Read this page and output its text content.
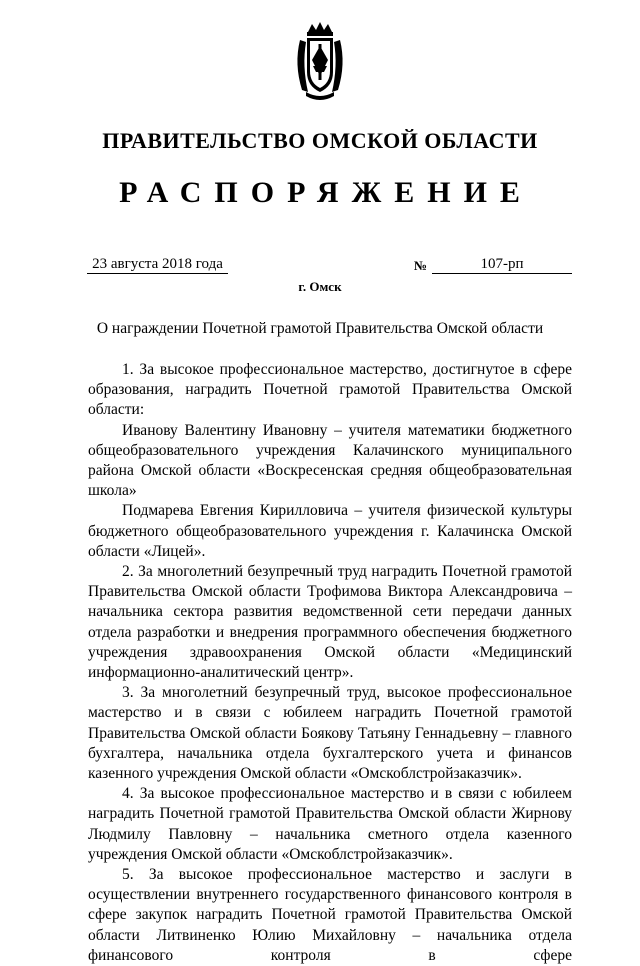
ПРАВИТЕЛЬСТВО ОМСКОЙ ОБЛАСТИ
РАСПОРЯЖЕНИЕ
23 августа 2018 года	№	107-рп
г. Омск
О награждении Почетной грамотой Правительства Омской области

1. За высокое профессиональное мастерство, достигнутое в сфере образования, наградить Почетной грамотой Правительства Омской области:

Иванову Валентину Ивановну – учителя математики бюджетного общеобразовательного учреждения Калачинского муниципального района Омской области «Воскресенская средняя общеобразовательная школа»

Подмарева Евгения Кирилловича – учителя физической культуры бюджетного общеобразовательного учреждения г. Калачинска Омской области «Лицей».

2. За многолетний безупречный труд наградить Почетной грамотой Правительства Омской области Трофимова Виктора Александровича – начальника сектора развития ведомственной сети передачи данных отдела разработки и внедрения программного обеспечения бюджетного учреждения здравоохранения Омской области «Медицинский информационно-аналитический центр».

3. За многолетний безупречный труд, высокое профессиональное мастерство и в связи с юбилеем наградить Почетной грамотой Правительства Омской области Боякову Татьяну Геннадьевну – главного бухгалтера, начальника отдела бухгалтерского учета и финансов казенного учреждения Омской области «Омскоблстройзаказчик».

4. За высокое профессиональное мастерство и в связи с юбилеем наградить Почетной грамотой Правительства Омской области Жирнову Людмилу Павловну – начальника сметного отдела казенного учреждения Омской области «Омскоблстройзаказчик».

5. За высокое профессиональное мастерство и заслуги в осуществлении внутреннего государственного финансового контроля в сфере закупок наградить Почетной грамотой Правительства Омской области Литвиненко Юлию Михайловну – начальника отдела финансового контроля в сфере
